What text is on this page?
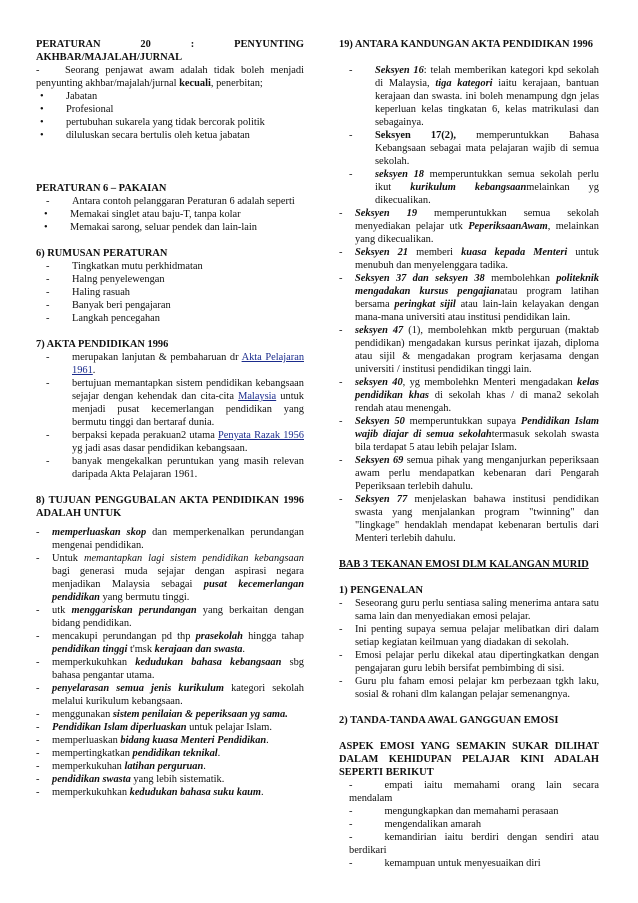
PERATURAN	20	:	PENYUNTING

AKHBAR/MAJALAH/JURNAL

- Seorang penjawat awam adalah tidak boleh menjadi penyunting akhbar/majalah/jurnal kecuali, penerbitan;

•	Jabatan
•	Profesional
•	pertubuhan sukarela yang tidak bercorak politik
•	diluluskan secara bertulis oleh ketua jabatan

PERATURAN 6 – PAKAIAN

-	Antara contoh pelanggaran Peraturan 6 adalah seperti
•	Memakai singlet atau baju-T, tanpa kolar
•	Memakai sarong, seluar pendek dan lain-lain

6) RUMUSAN PERATURAN

-	Tingkatkan mutu perkhidmatan
-	Halng penyelewengan
-	Haling rasuah
-	Banyak beri pengajaran
-	Langkah pencegahan

7) AKTA PENDIDIKAN 1996

-	merupakan lanjutan & pembaharuan dr Akta Pelajaran 1961.
-	bertujuan memantapkan sistem pendidikan kebangsaan sejajar dengan kehendak dan cita-cita Malaysia untuk menjadi pusat kecemerlangan pendidikan yang bermutu tinggi dan bertaraf dunia.
-	berpaksi kepada perakuan2 utama Penyata Razak 1956 yg jadi asas dasar pendidikan kebangsaan.
-	banyak mengekalkan peruntukan yang masih relevan daripada Akta Pelajaran 1961.

8) TUJUAN PENGGUBALAN AKTA PENDIDIKAN 1996 ADALAH UNTUK

-	memperluaskan skop dan memperkenalkan perundangan mengenai pendidikan.
-	Untuk memantapkan lagi sistem pendidikan kebangsaan bagi generasi muda sejajar dengan aspirasi negara menjadikan Malaysia sebagai pusat kecemerlangan pendidikan yang bermutu tinggi.
-	utk menggariskan perundangan yang berkaitan dengan bidang pendidikan.
-	mencakupi perundangan pd thp prasekolah hingga tahap pendidikan tinggi t'msk kerajaan dan swasta.
-	memperkukuhkan kedudukan bahasa kebangsaan sbg bahasa pengantar utama.
-	penyelarasan semua jenis kurikulum kategori sekolah melalui kurikulum kebangsaan.
-	menggunakan sistem penilaian & peperiksaan yg sama.
-	Pendidikan Islam diperluaskan untuk pelajar Islam.
-	memperluaskan bidang kuasa Menteri Pendidikan.
-	mempertingkatkan pendidikan teknikal.
-	memperkukuhan latihan perguruan.
-	pendidikan swasta yang lebih sistematik.
-	memperkukuhkan kedudukan bahasa suku kaum.

19) ANTARA KANDUNGAN AKTA PENDIDIKAN 1996

-	Seksyen 16: telah memberikan kategori kpd sekolah di Malaysia, tiga kategori iaitu kerajaan, bantuan kerajaan dan swasta. ini boleh menampung dgn jelas keperluan kelas tingkatan 6, kelas matrikulasi dan sebagainya.
-	Seksyen 17(2), memperuntukkan Bahasa Kebangsaan sebagai mata pelajaran wajib di semua sekolah.
-	seksyen 18 memperuntukkan semua sekolah perlu ikut kurikulum kebangsaanmelainkan yg dikecualikan.
-	Seksyen 19 memperuntukkan semua sekolah menyediakan pelajar utk PeperiksaanAwam, melainkan yang dikecualikan.
-	Seksyen 21 memberi kuasa kepada Menteri untuk menubuh dan menyelenggara tadika.
-	Seksyen 37 dan seksyen 38 membolehkan politeknik mengadakan kursus pengajianatau program latihan bersama peringkat sijil atau lain-lain kelayakan dengan mana-mana universiti atau institusi pendidikan lain.
-	seksyen 47 (1), membolehkan mktb perguruan (maktab pendidikan) mengadakan kursus perinkat ijazah, diploma atau sijil & mengadakan program kerjasama dengan universiti / institusi pendidikan tinggi lain.
-	seksyen 40, yg membolehkn Menteri mengadakan kelas pendidikan khas di sekolah khas / di mana2 sekolah rendah atau menengah.
-	Seksyen 50 memperuntukkan supaya Pendidikan Islam wajib diajar di semua sekolahtermasuk sekolah swasta bila terdapat 5 atau lebih pelajar Islam.
-	Seksyen 69 semua pihak yang menganjurkan peperiksaan awam perlu mendapatkan kebenaran dari Pengarah Peperiksaan terlebih dahulu.
-	Seksyen 77 menjelaskan bahawa institusi pendidikan swasta yang menjalankan program "twinning" dan "lingkage" hendaklah mendapat kebenaran bertulis dari Menteri terlebih dahulu.

BAB 3 TEKANAN EMOSI DLM KALANGAN MURID

1) PENGENALAN

-	Seseorang guru perlu sentiasa saling menerima antara satu sama lain dan menyediakan emosi pelajar.
-	Ini penting supaya semua pelajar melibatkan diri dalam setiap kegiatan keilmuan yang diadakan di sekolah.
-	Emosi pelajar perlu dikekal atau dipertingkatkan dengan pengajaran guru lebih bersifat pembimbing di sisi.
-	Guru plu faham emosi pelajar km perbezaan tgkh laku, sosial & rohani dlm kalangan pelajar semenangnya.

2) TANDA-TANDA AWAL GANGGUAN EMOSI

ASPEK EMOSI YANG SEMAKIN SUKAR DILIHAT DALAM KEHIDUPAN PELAJAR KINI ADALAH SEPERTI BERIKUT

-	empati iaitu memahami orang lain secara mendalam

-	mengungkapkan dan memahami perasaan

-	mengendalikan amarah

-	kemandirian iaitu berdiri dengan sendiri atau berdikari

-	kemampuan untuk menyesuaikan diri
